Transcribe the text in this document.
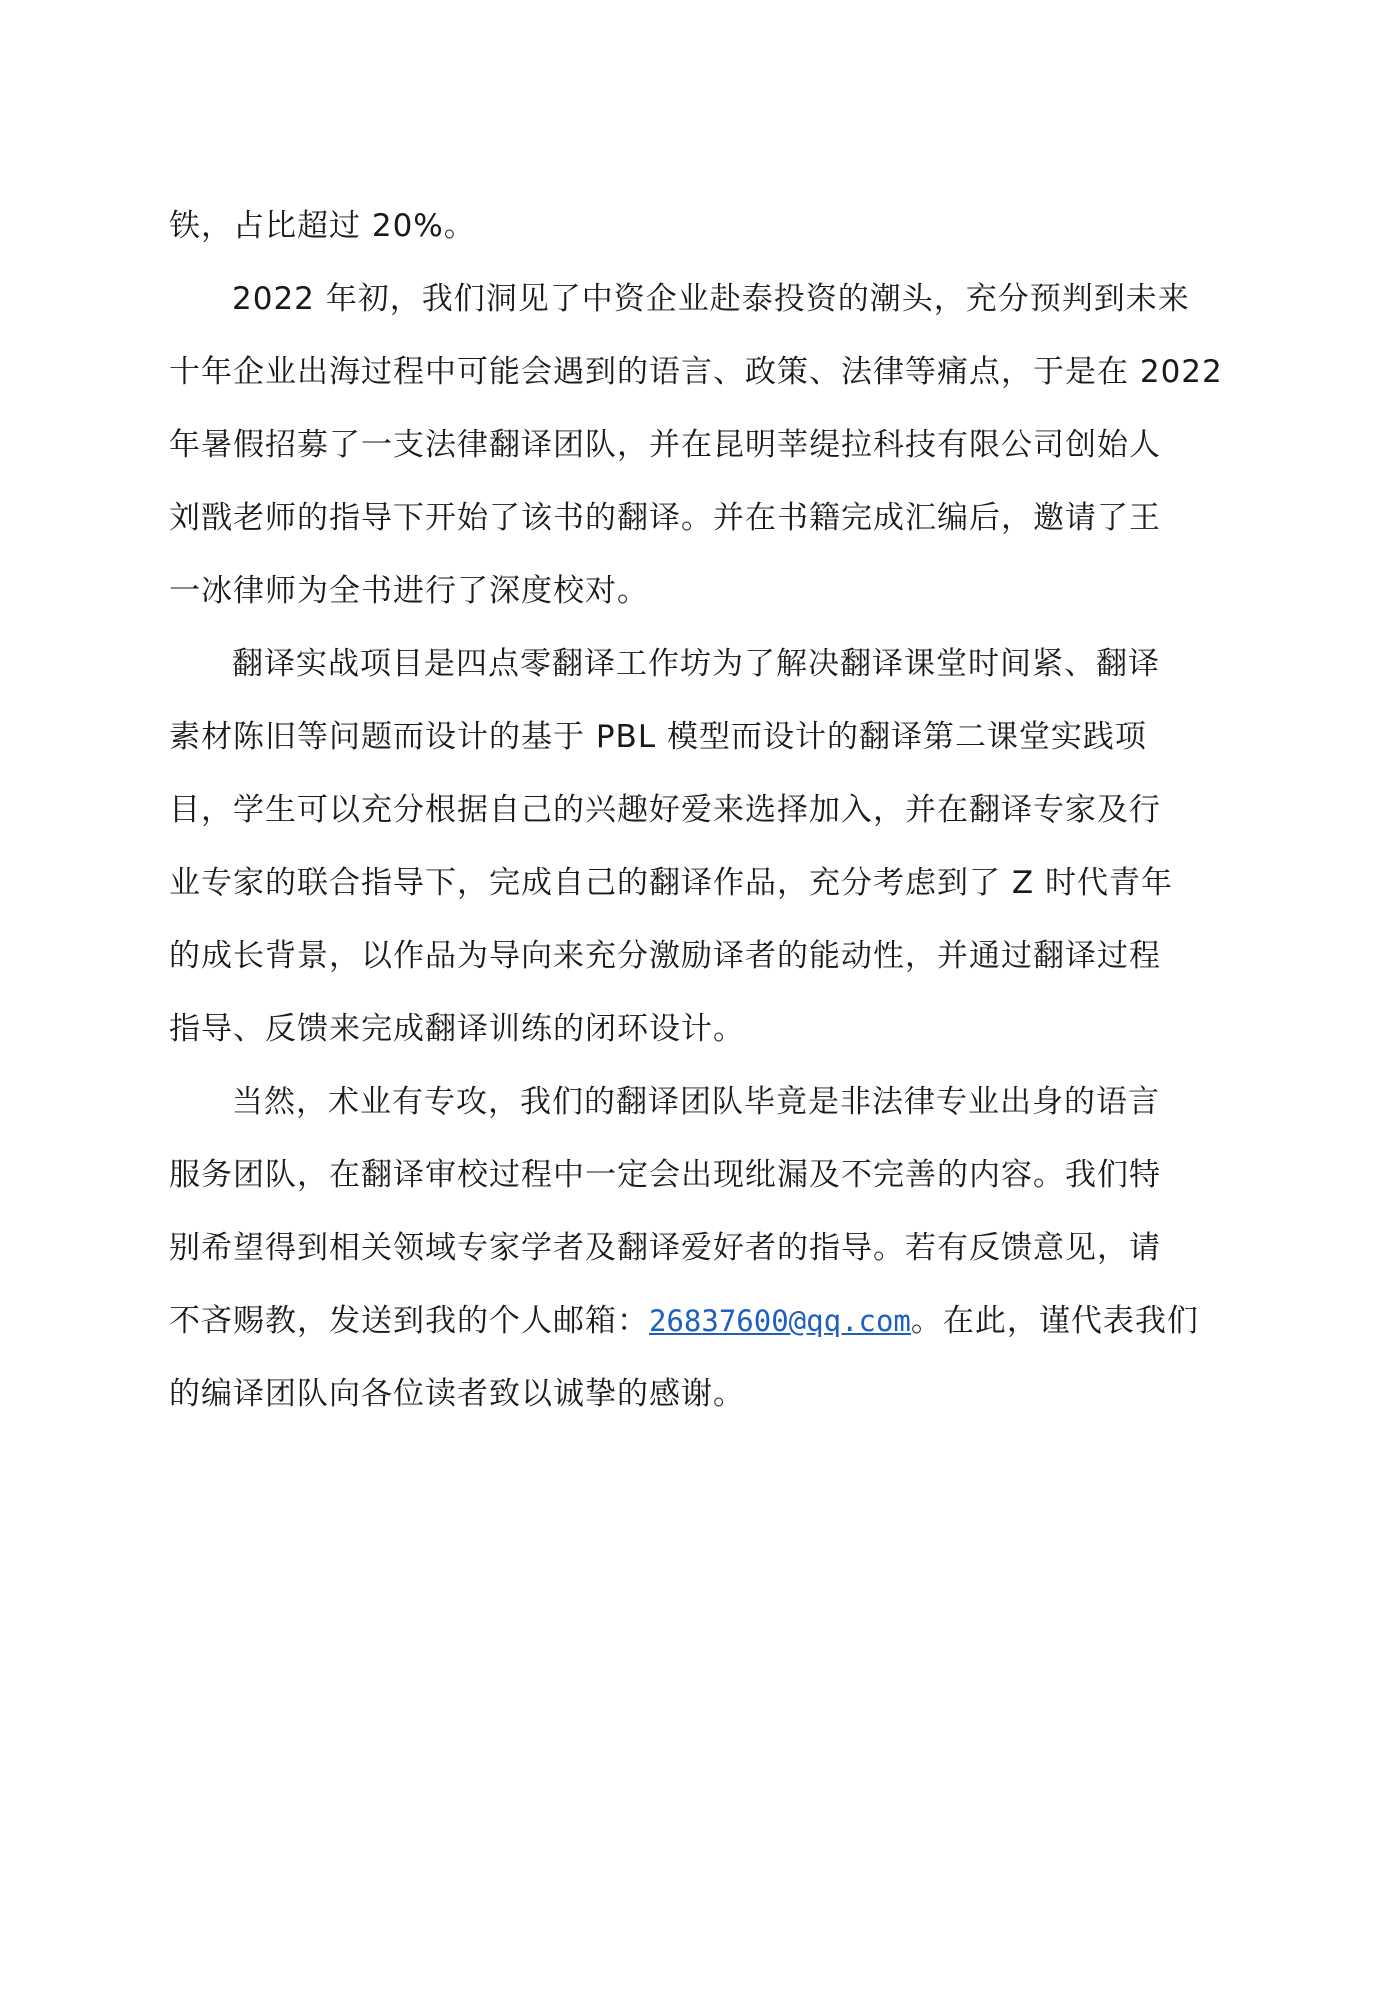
铁，占比超过 20%。
2022 年初，我们洞见了中资企业赴泰投资的潮头，充分预判到未来
十年企业出海过程中可能会遇到的语言、政策、法律等痛点，于是在 2022
年暑假招募了一支法律翻译团队，并在昆明莘缇拉科技有限公司创始人
刘戬老师的指导下开始了该书的翻译。并在书籍完成汇编后，邀请了王
一冰律师为全书进行了深度校对。
翻译实战项目是四点零翻译工作坊为了解决翻译课堂时间紧、翻译
素材陈旧等问题而设计的基于 PBL 模型而设计的翻译第二课堂实践项
目，学生可以充分根据自己的兴趣好爱来选择加入，并在翻译专家及行
业专家的联合指导下，完成自己的翻译作品，充分考虑到了 Z 时代青年
的成长背景，以作品为导向来充分激励译者的能动性，并通过翻译过程
指导、反馈来完成翻译训练的闭环设计。
当然，术业有专攻，我们的翻译团队毕竟是非法律专业出身的语言
服务团队，在翻译审校过程中一定会出现纰漏及不完善的内容。我们特
别希望得到相关领域专家学者及翻译爱好者的指导。若有反馈意见，请
不吝赐教，发送到我的个人邮箱：26837600@qq.com。在此，谨代表我们
的编译团队向各位读者致以诚挚的感谢。
